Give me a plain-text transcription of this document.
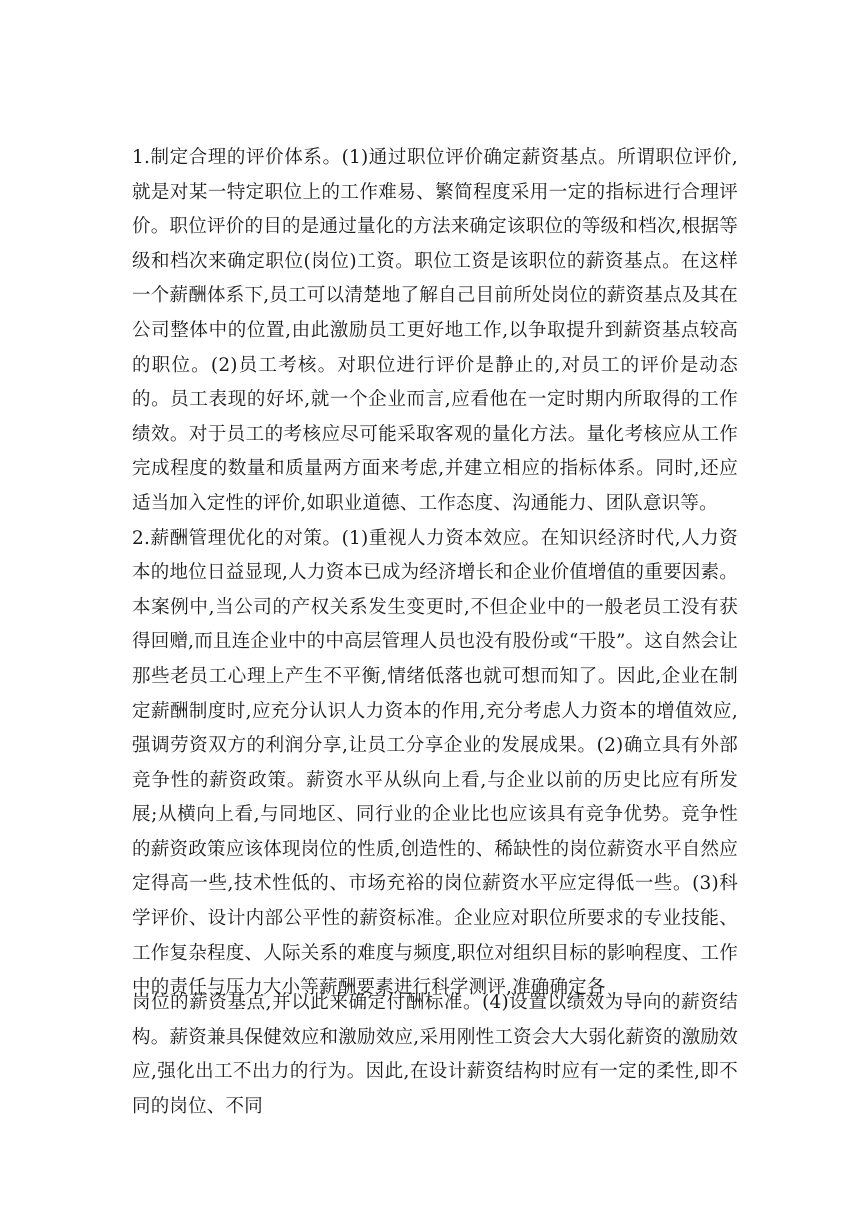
1.制定合理的评价体系。(1)通过职位评价确定薪资基点。所谓职位评价,就是对某一特定职位上的工作难易、繁简程度采用一定的指标进行合理评价。职位评价的目的是通过量化的方法来确定该职位的等级和档次,根据等级和档次来确定职位(岗位)工资。职位工资是该职位的薪资基点。在这样一个薪酬体系下,员工可以清楚地了解自己目前所处岗位的薪资基点及其在公司整体中的位置,由此激励员工更好地工作,以争取提升到薪资基点较高的职位。(2)员工考核。对职位进行评价是静止的,对员工的评价是动态的。员工表现的好坏,就一个企业而言,应看他在一定时期内所取得的工作绩效。对于员工的考核应尽可能采取客观的量化方法。量化考核应从工作完成程度的数量和质量两方面来考虑,并建立相应的指标体系。同时,还应适当加入定性的评价,如职业道德、工作态度、沟通能力、团队意识等。

2.薪酬管理优化的对策。(1)重视人力资本效应。在知识经济时代,人力资本的地位日益显现,人力资本已成为经济增长和企业价值增值的重要因素。本案例中,当公司的产权关系发生变更时,不但企业中的一般老员工没有获得回赠,而且连企业中的中高层管理人员也没有股份或“干股”。这自然会让那些老员工心理上产生不平衡,情绪低落也就可想而知了。因此,企业在制定薪酬制度时,应充分认识人力资本的作用,充分考虑人力资本的增值效应,强调劳资双方的利润分享,让员工分享企业的发展成果。(2)确立具有外部竞争性的薪资政策。薪资水平从纵向上看,与企业以前的历史比应有所发展;从横向上看,与同地区、同行业的企业比也应该具有竞争优势。竞争性的薪资政策应该体现岗位的性质,创造性的、稀缺性的岗位薪资水平自然应定得高一些,技术性低的、市场充裕的岗位薪资水平应定得低一些。(3)科学评价、设计内部公平性的薪资标准。企业应对职位所要求的专业技能、工作复杂程度、人际关系的难度与频度,职位对组织目标的影响程度、工作中的责任与压力大小等薪酬要素进行科学测评,准确确定各

岗位的薪资基点,并以此来确定付酬标准。(4)设置以绩效为导向的薪资结构。薪资兼具保健效应和激励效应,采用刚性工资会大大弱化薪资的激励效应,强化出工不出力的行为。因此,在设计薪资结构时应有一定的柔性,即不同的岗位、不同
